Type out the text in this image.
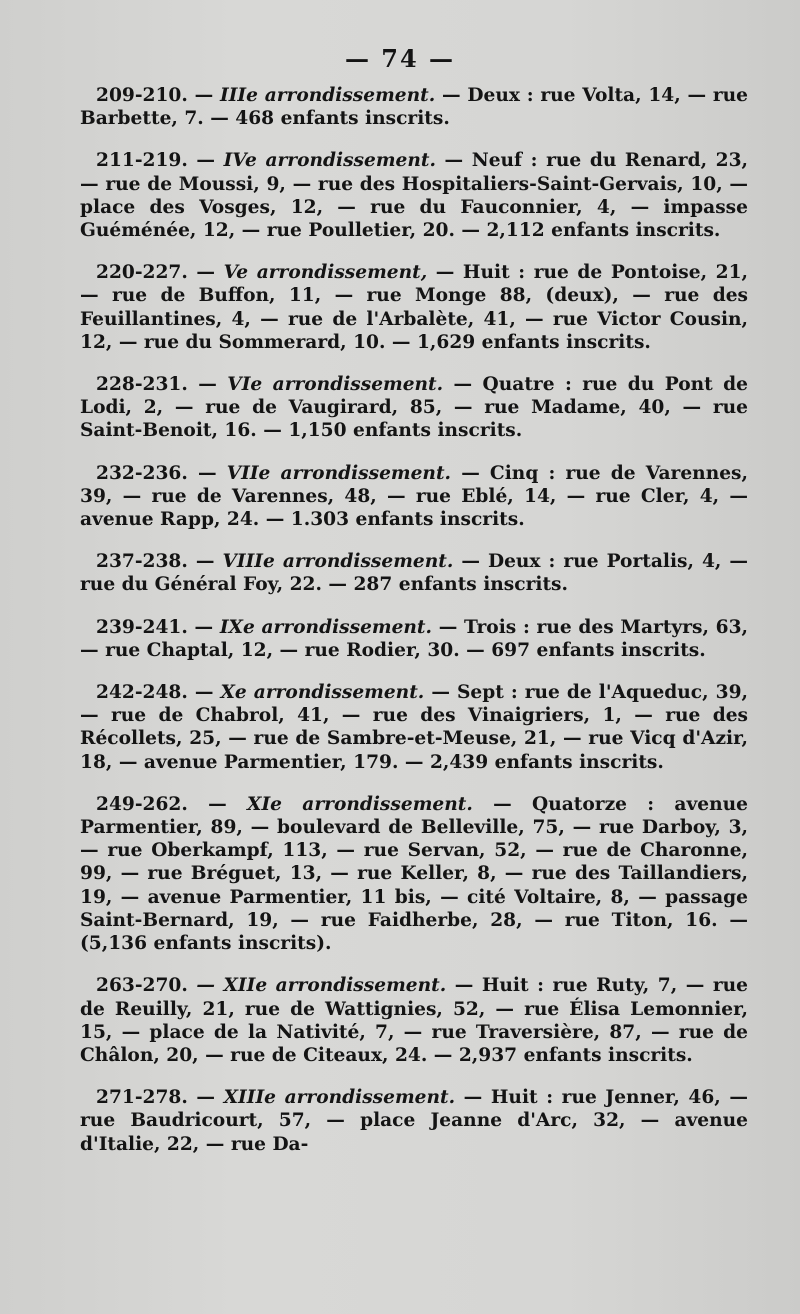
— 74 —

209-210. — IIIe arrondissement. — Deux : rue Volta, 14, — rue Barbette, 7. — 468 enfants inscrits.

211-219. — IVe arrondissement. — Neuf : rue du Renard, 23, — rue de Moussi, 9, — rue des Hospitaliers-Saint-Gervais, 10, — place des Vosges, 12, — rue du Fauconnier, 4, — impasse Guéménée, 12, — rue Poulletier, 20. — 2,112 enfants inscrits.

220-227. — Ve arrondissement, — Huit : rue de Pontoise, 21, — rue de Buffon, 11, — rue Monge 88, (deux), — rue des Feuillantines, 4, — rue de l'Arbalète, 41, — rue Victor Cousin, 12, — rue du Sommerard, 10. — 1,629 enfants inscrits.

228-231. — VIe arrondissement. — Quatre : rue du Pont de Lodi, 2, — rue de Vaugirard, 85, — rue Madame, 40, — rue Saint-Benoit, 16. — 1,150 enfants inscrits.

232-236. — VIIe arrondissement. — Cinq : rue de Varennes, 39, — rue de Varennes, 48, — rue Eblé, 14, — rue Cler, 4, — avenue Rapp, 24. — 1.303 enfants inscrits.

237-238. — VIIIe arrondissement. — Deux : rue Portalis, 4, — rue du Général Foy, 22. — 287 enfants inscrits.

239-241. — IXe arrondissement. — Trois : rue des Martyrs, 63, — rue Chaptal, 12, — rue Rodier, 30. — 697 enfants inscrits.

242-248. — Xe arrondissement. — Sept : rue de l'Aqueduc, 39, — rue de Chabrol, 41, — rue des Vinaigriers, 1, — rue des Récollets, 25, — rue de Sambre-et-Meuse, 21, — rue Vicq d'Azir, 18, — avenue Parmentier, 179. — 2,439 enfants inscrits.

249-262. — XIe arrondissement. — Quatorze : avenue Parmentier, 89, — boulevard de Belleville, 75, — rue Darboy, 3, — rue Oberkampf, 113, — rue Servan, 52, — rue de Charonne, 99, — rue Bréguet, 13, — rue Keller, 8, — rue des Taillandiers, 19, — avenue Parmentier, 11 bis, — cité Voltaire, 8, — passage Saint-Bernard, 19, — rue Faidherbe, 28, — rue Titon, 16. — (5,136 enfants inscrits).

263-270. — XIIe arrondissement. — Huit : rue Ruty, 7, — rue de Reuilly, 21, rue de Wattignies, 52, — rue Élisa Lemonnier, 15, — place de la Nativité, 7, — rue Traversière, 87, — rue de Châlon, 20, — rue de Citeaux, 24. — 2,937 enfants inscrits.

271-278. — XIIIe arrondissement. — Huit : rue Jenner, 46, — rue Baudricourt, 57, — place Jeanne d'Arc, 32, — avenue d'Italie, 22, — rue Da-
